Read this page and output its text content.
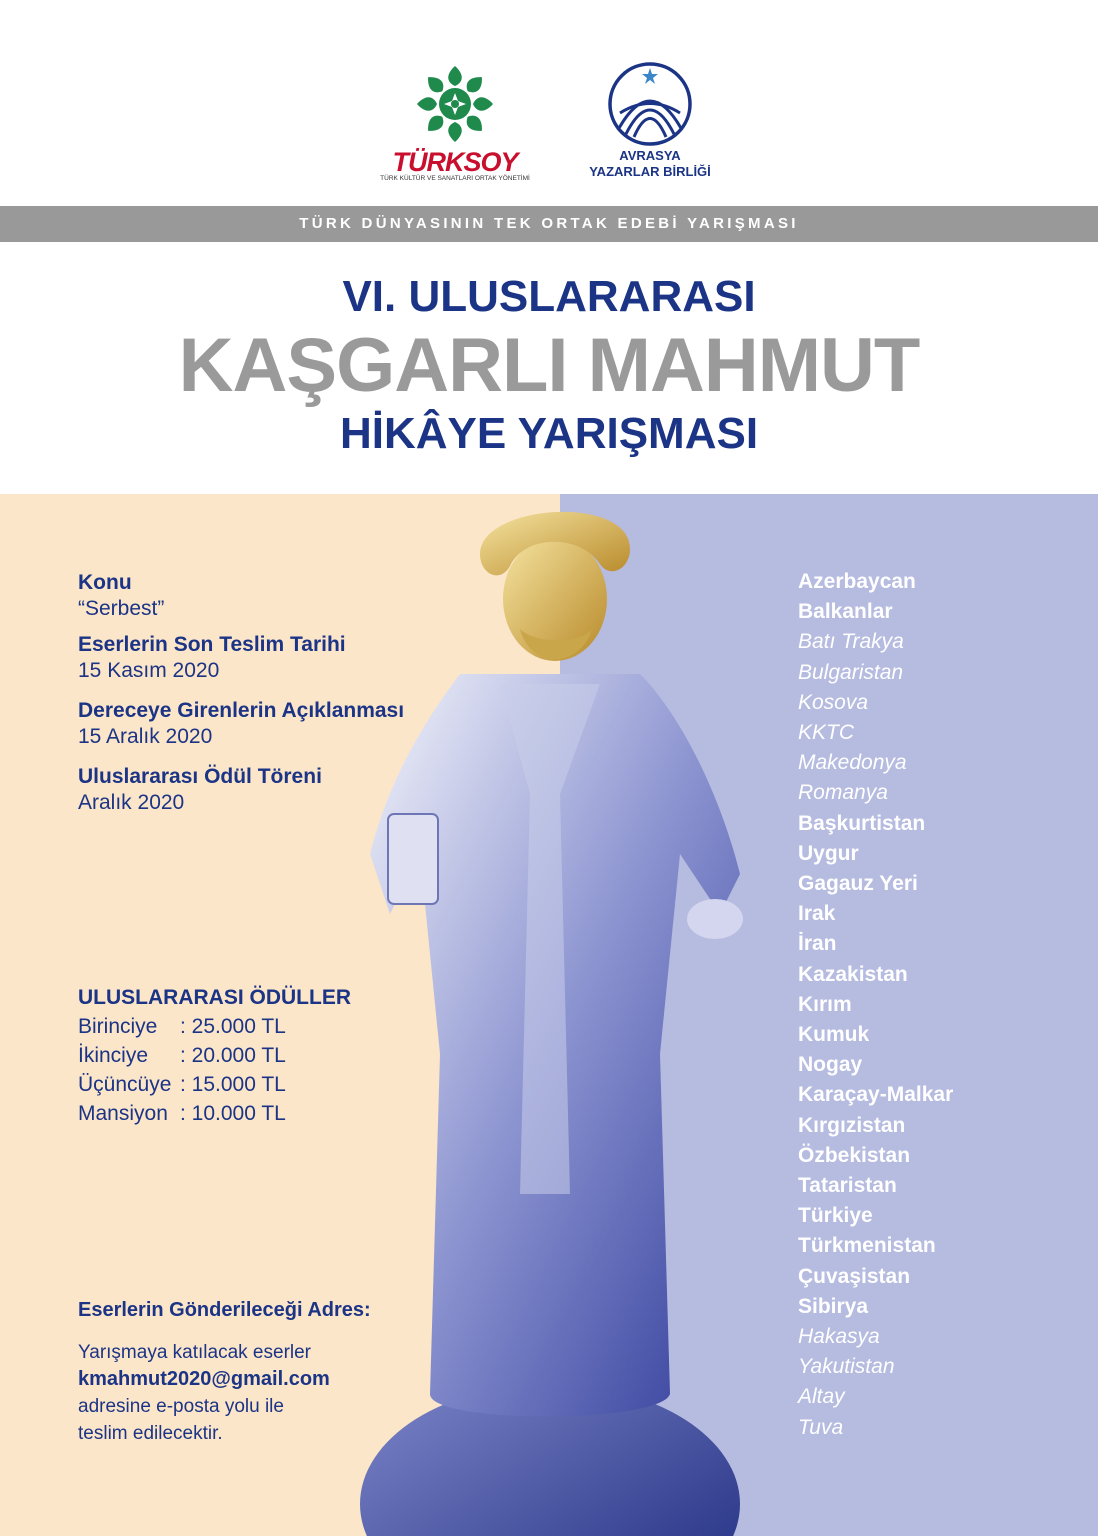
TÜRKSOY
TÜRK KÜLTÜR VE SANATLARI ORTAK YÖNETİMİ
AVRASYA
YAZARLAR BİRLİĞİ
TÜRK DÜNYASININ TEK ORTAK EDEBİ YARIŞMASI
VI. ULUSLARARASI
KAŞGARLI MAHMUT
HİKÂYE YARIŞMASI
Konu
“Serbest”
Eserlerin Son Teslim Tarihi
15 Kasım 2020
Dereceye Girenlerin Açıklanması
15 Aralık 2020
Uluslararası Ödül Töreni
Aralık 2020
ULUSLARARASI ÖDÜLLER
Birinciye : 25.000 TL
İkinciye : 20.000 TL
Üçüncüye : 15.000 TL
Mansiyon : 10.000 TL
Eserlerin Gönderileceği Adres:
Yarışmaya katılacak eserler
kmahmut2020@gmail.com
adresine e-posta yolu ile
teslim edilecektir.
Azerbaycan
Balkanlar
Batı Trakya
Bulgaristan
Kosova
KKTC
Makedonya
Romanya
Başkurtistan
Uygur
Gagauz Yeri
Irak
İran
Kazakistan
Kırım
Kumuk
Nogay
Karaçay-Malkar
Kırgızistan
Özbekistan
Tataristan
Türkiye
Türkmenistan
Çuvaşistan
Sibirya
Hakasya
Yakutistan
Altay
Tuva
